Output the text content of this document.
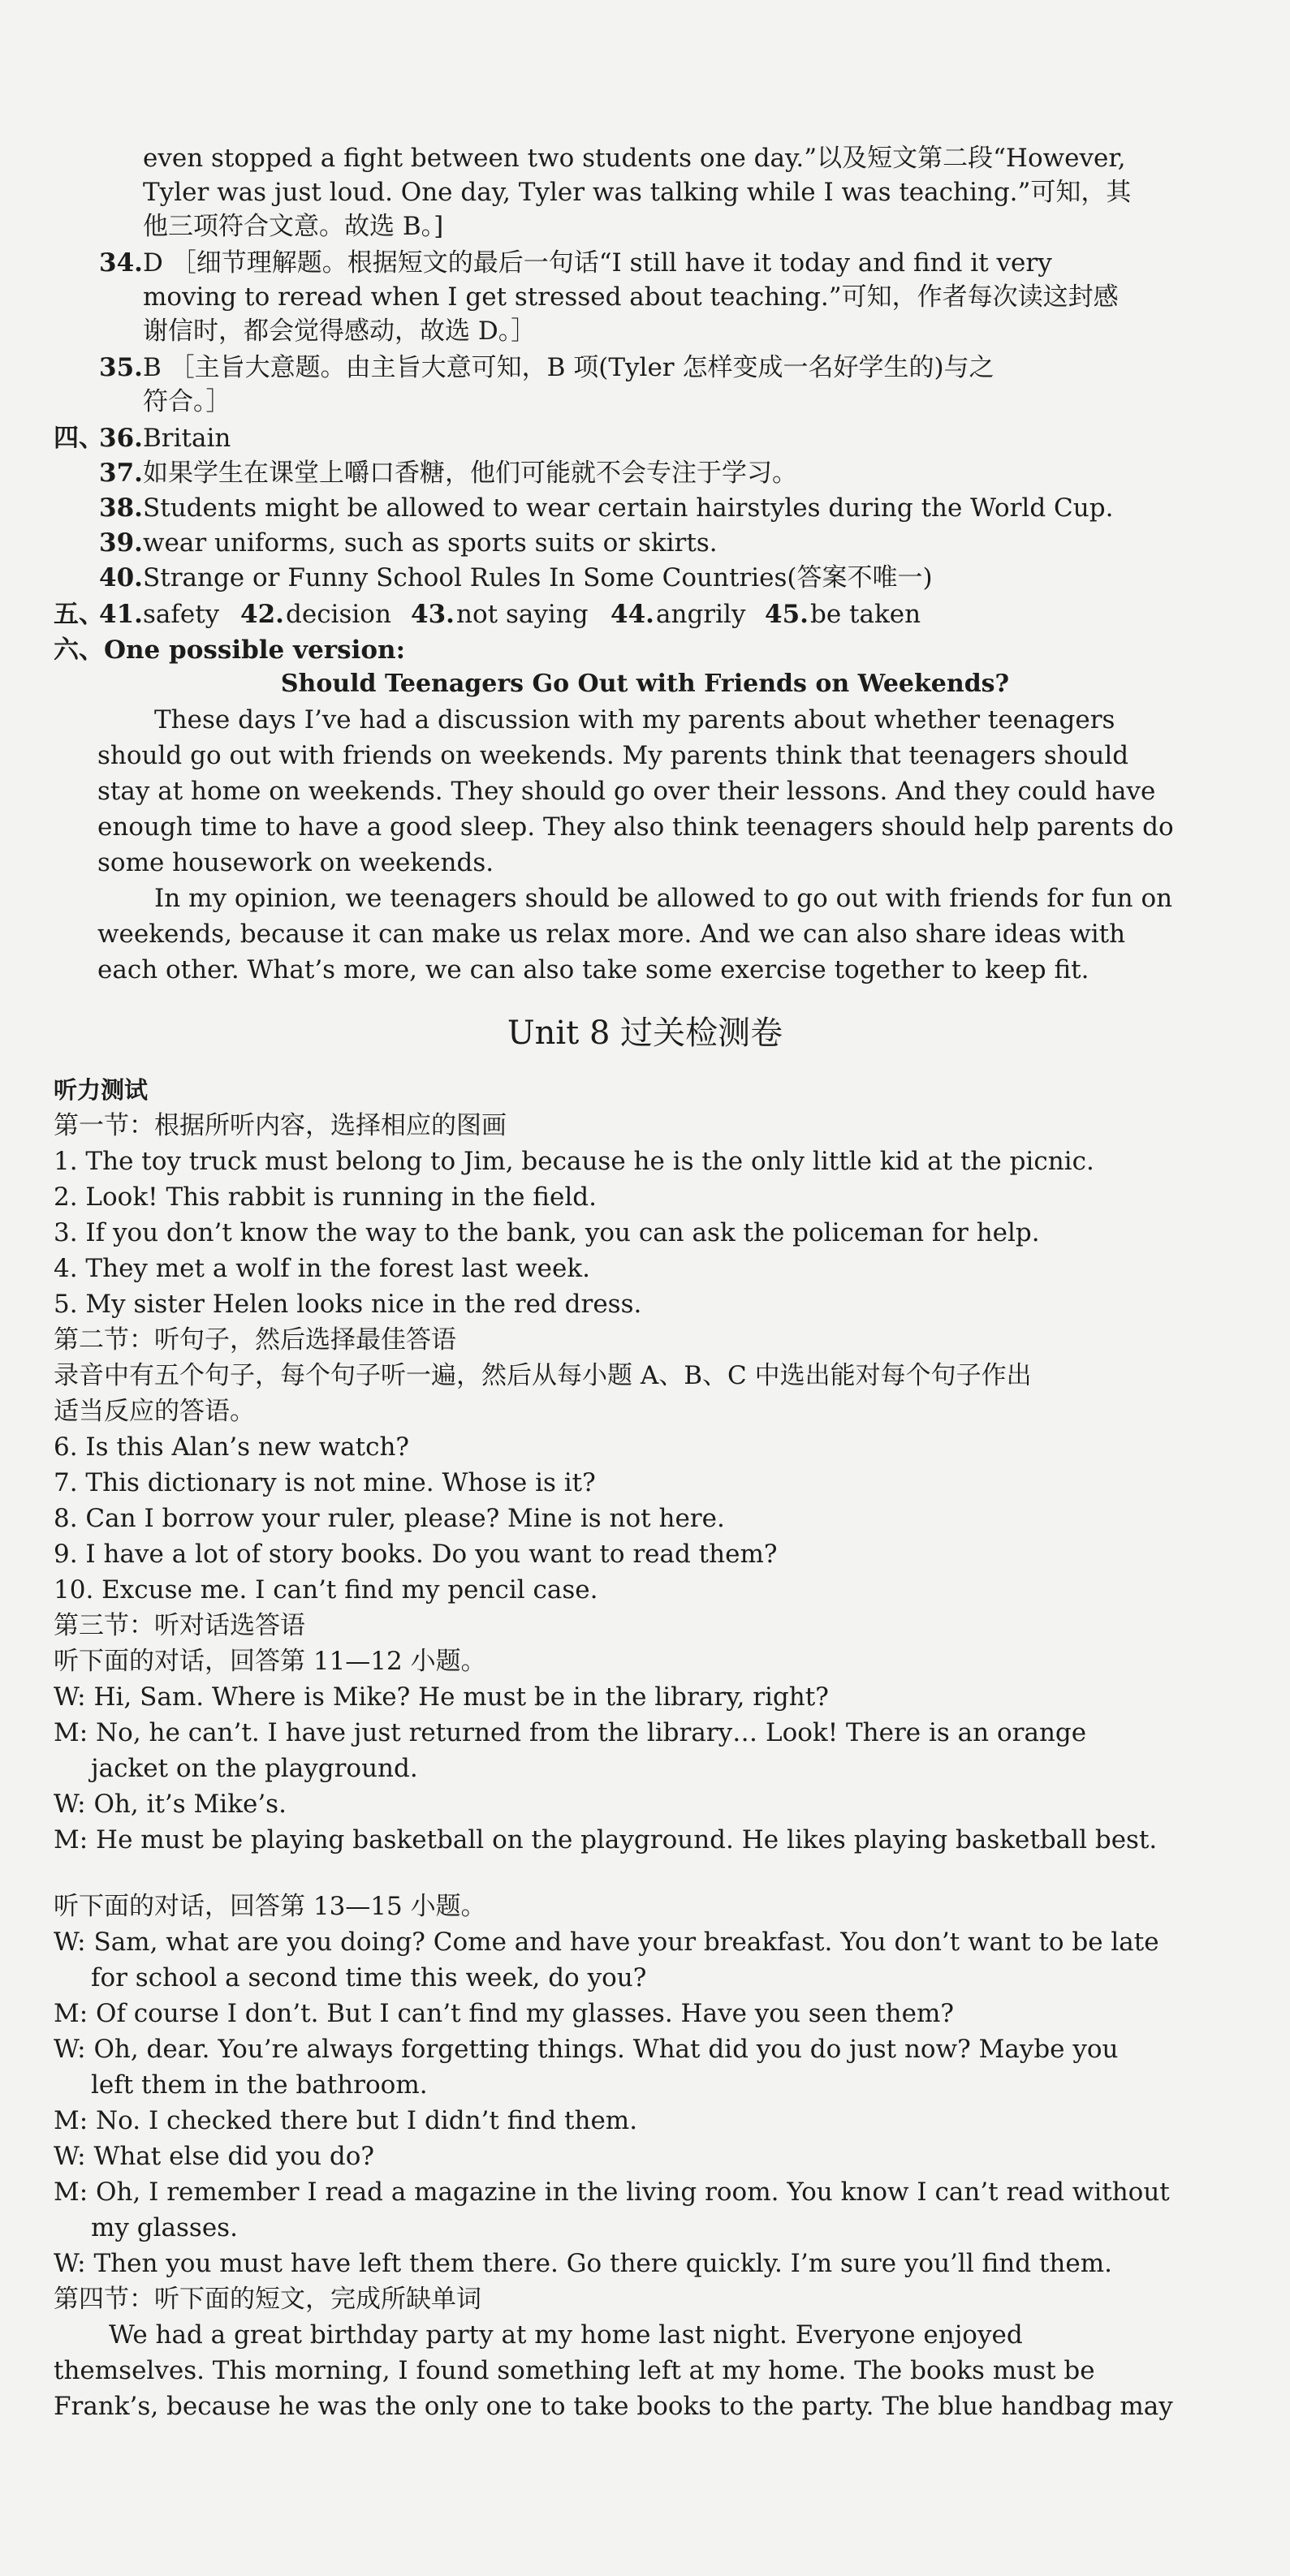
even stopped a fight between two students one day.”以及短文第二段“However,
Tyler was just loud. One day, Tyler was talking while I was teaching.”可知，其
他三项符合文意。故选 B。]
34. D ［细节理解题。根据短文的最后一句话“I still have it today and find it very
moving to reread when I get stressed about teaching.”可知，作者每次读这封感
谢信时，都会觉得感动，故选 D。］
35. B ［主旨大意题。由主旨大意可知，B 项(Tyler 怎样变成一名好学生的)与之
符合。］
四、
36. Britain
37. 如果学生在课堂上嚼口香糖，他们可能就不会专注于学习。
38. Students might be allowed to wear certain hairstyles during the World Cup.
39. wear uniforms, such as sports suits or skirts.
40. Strange or Funny School Rules In Some Countries(答案不唯一)
五、
41. safety 42. decision 43. not saying 44. angrily 45. be taken
六、One possible version:
Should Teenagers Go Out with Friends on Weekends?
These days I’ve had a discussion with my parents about whether teenagers
should go out with friends on weekends. My parents think that teenagers should
stay at home on weekends. They should go over their lessons. And they could have
enough time to have a good sleep. They also think teenagers should help parents do
some housework on weekends.
In my opinion, we teenagers should be allowed to go out with friends for fun on
weekends, because it can make us relax more. And we can also share ideas with
each other. What’s more, we can also take some exercise together to keep fit.
Unit 8 过关检测卷
听力测试
第一节：根据所听内容，选择相应的图画
1. The toy truck must belong to Jim, because he is the only little kid at the picnic.
2. Look! This rabbit is running in the field.
3. If you don’t know the way to the bank, you can ask the policeman for help.
4. They met a wolf in the forest last week.
5. My sister Helen looks nice in the red dress.
第二节：听句子，然后选择最佳答语
录音中有五个句子，每个句子听一遍，然后从每小题 A、B、C 中选出能对每个句子作出
适当反应的答语。
6. Is this Alan’s new watch?
7. This dictionary is not mine. Whose is it?
8. Can I borrow your ruler, please? Mine is not here.
9. I have a lot of story books. Do you want to read them?
10. Excuse me. I can’t find my pencil case.
第三节：听对话选答语
听下面的对话，回答第 11—12 小题。
W: Hi, Sam. Where is Mike? He must be in the library, right?
M: No, he can’t. I have just returned from the library… Look! There is an orange
jacket on the playground.
W: Oh, it’s Mike’s.
M: He must be playing basketball on the playground. He likes playing basketball best.
听下面的对话，回答第 13—15 小题。
W: Sam, what are you doing? Come and have your breakfast. You don’t want to be late
for school a second time this week, do you?
M: Of course I don’t. But I can’t find my glasses. Have you seen them?
W: Oh, dear. You’re always forgetting things. What did you do just now? Maybe you
left them in the bathroom.
M: No. I checked there but I didn’t find them.
W: What else did you do?
M: Oh, I remember I read a magazine in the living room. You know I can’t read without
my glasses.
W: Then you must have left them there. Go there quickly. I’m sure you’ll find them.
第四节：听下面的短文，完成所缺单词
We had a great birthday party at my home last night. Everyone enjoyed
themselves. This morning, I found something left at my home. The books must be
Frank’s, because he was the only one to take books to the party. The blue handbag may
